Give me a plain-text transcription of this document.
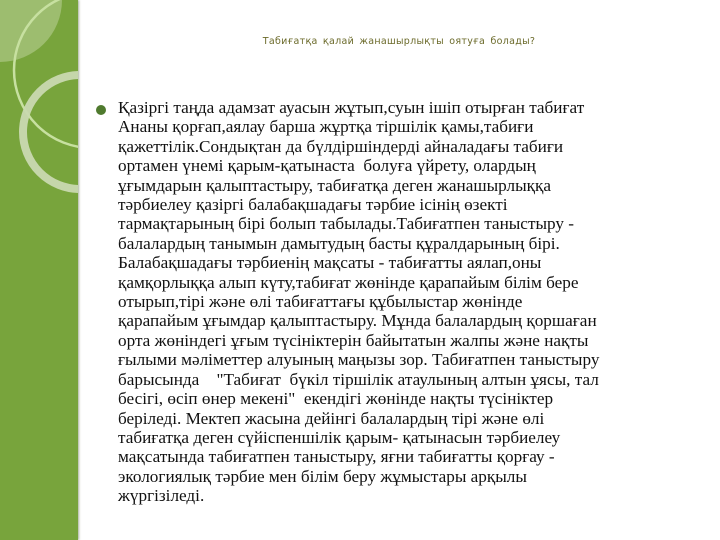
Табиғатқа қалай жанашырлықты оятуға болады?

Қазіргі таңда адамзат ауасын жұтып,суын ішіп отырған табиғат
Ананы қорғап,аялау барша жұртқа тіршілік қамы,табиғи
қажеттілік.Сондықтан да бүлдіршіндерді айналадағы табиғи
ортамен үнемі қарым-қатынаста  болуға үйрету, олардың
ұғымдарын қалыптастыру, табиғатқа деген жанашырлыққа
тәрбиелеу қазіргі балабақшадағы тәрбие ісінің өзекті
тармақтарының бірі болып табылады.Табиғатпен таныстыру -
балалардың танымын дамытудың басты құралдарының бірі.
Балабақшадағы тәрбиенің мақсаты - табиғатты аялап,оны
қамқорлыққа алып күту,табиғат жөнінде қарапайым білім бере
отырып,тірі және өлі табиғаттағы құбылыстар жөнінде
қарапайым ұғымдар қалыптастыру. Мұнда балалардың қоршаған
орта жөніндегі ұғым түсініктерін байытатын жалпы және нақты
ғылыми мәліметтер алуының маңызы зор. Табиғатпен таныстыру
барысында    "Табиғат  бүкіл тіршілік атаулының алтын ұясы, тал
бесігі, өсіп өнер мекені"  екендігі жөнінде нақты түсініктер
беріледі. Мектеп жасына дейінгі балалардың тірі және өлі
табиғатқа деген сүйіспеншілік қарым- қатынасын тәрбиелеу
мақсатында табиғатпен таныстыру, яғни табиғатты қорғау -
экологиялық тәрбие мен білім беру жұмыстары арқылы
жүргізіледі.
